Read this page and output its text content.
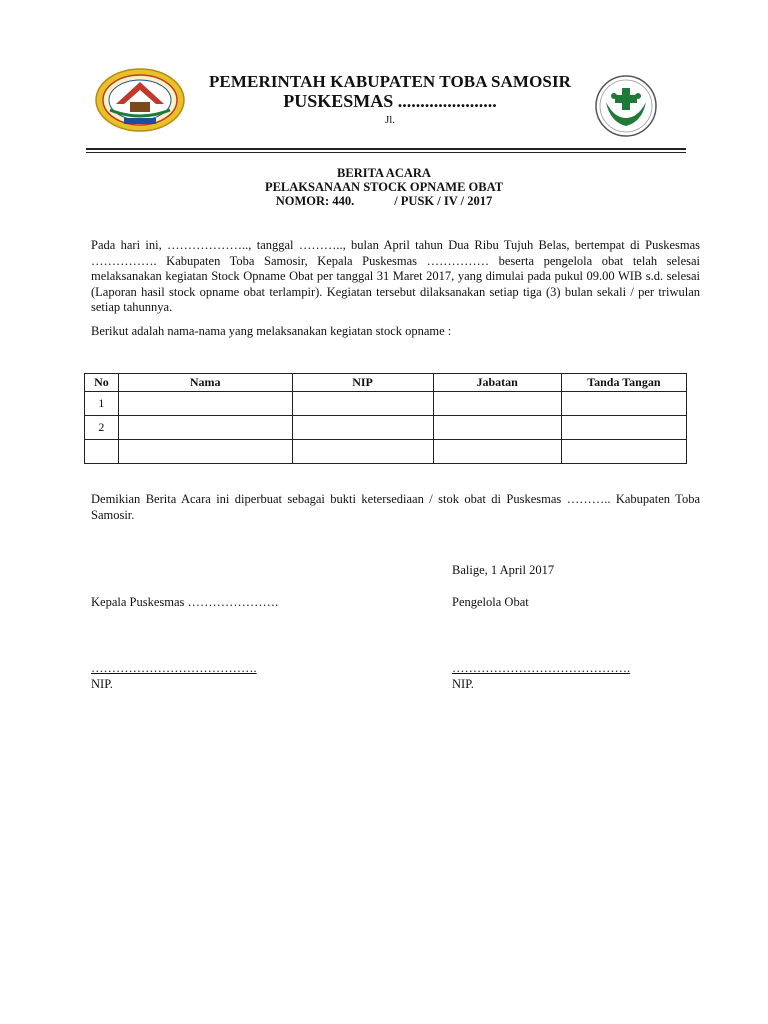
PEMERINTAH KABUPATEN TOBA SAMOSIR
PUSKESMAS ......................
Jl.
BERITA ACARA
PELAKSANAAN STOCK OPNAME OBAT
NOMOR: 440.	/ PUSK / IV / 2017
Pada hari ini, ……………….., tanggal ……….., bulan April tahun Dua Ribu Tujuh Belas, bertempat di Puskesmas ……………. Kabupaten Toba Samosir, Kepala Puskesmas …………… beserta pengelola obat telah selesai melaksanakan kegiatan Stock Opname Obat per tanggal 31 Maret 2017, yang dimulai pada pukul 09.00 WIB s.d. selesai (Laporan hasil stock opname obat terlampir). Kegiatan tersebut dilaksanakan setiap tiga (3) bulan sekali / per triwulan setiap tahunnya.
Berikut adalah nama-nama yang melaksanakan kegiatan stock opname :
No	Nama	NIP	Jabatan	Tanda Tangan
1				
2				

Demikian Berita Acara ini diperbuat sebagai bukti ketersediaan / stok obat di Puskesmas ……….. Kabupaten Toba Samosir.
Balige, 1 April 2017
Kepala Puskesmas ………………….	Pengelola Obat
………………………………….	…………………………………….
NIP.	NIP.
